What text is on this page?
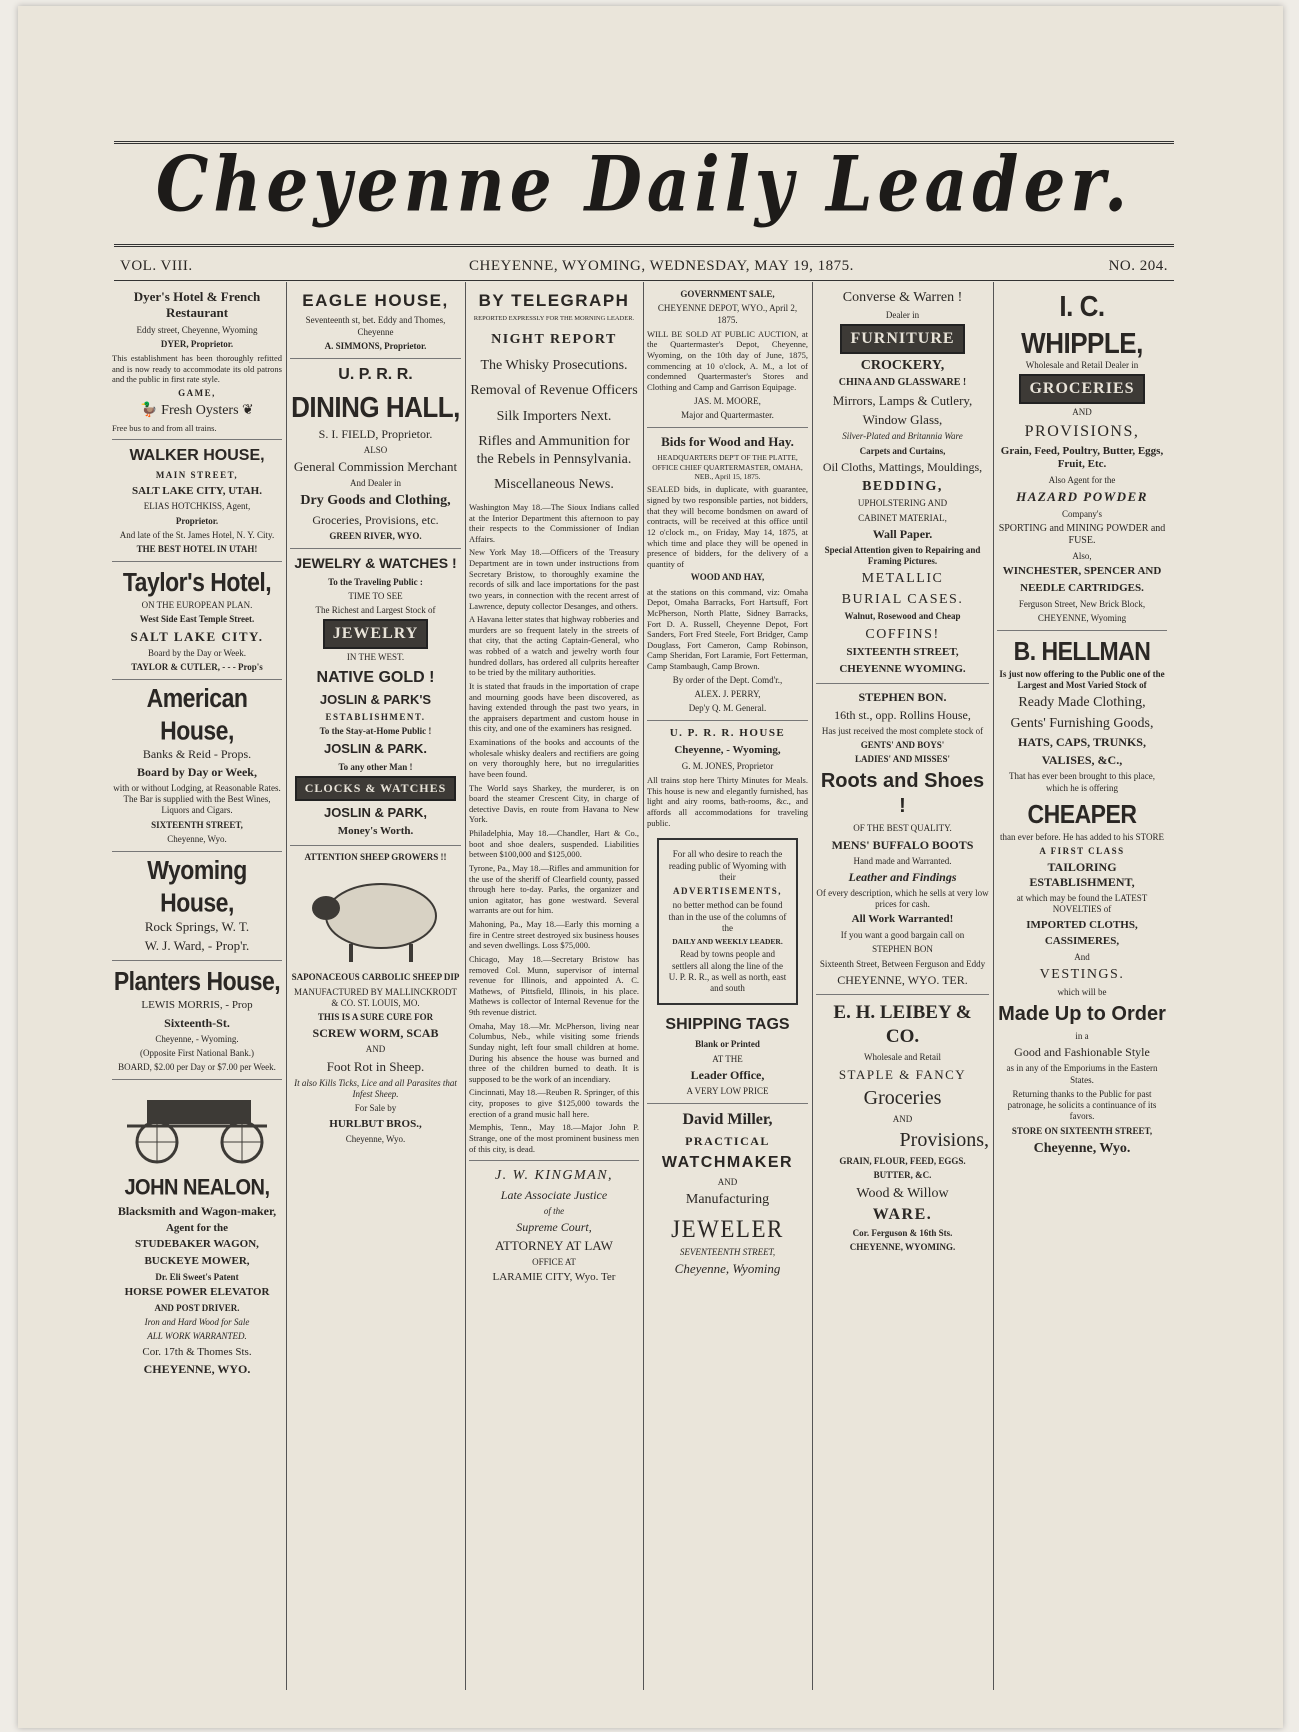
Cheyenne Daily Leader.
VOL. VIII.	CHEYENNE, WYOMING, WEDNESDAY, MAY 19, 1875.	NO. 204.
Dyer's Hotel & French Restaurant

Eddy street, Cheyenne, Wyoming

DYER, Proprietor.

This establishment has been thoroughly refitted and is now ready to accommodate its old patrons and the public in first rate style.

GAME,

🦆 Fresh Oysters ❦

Free bus to and from all trains.

WALKER HOUSE,

MAIN STREET,

SALT LAKE CITY, UTAH.

ELIAS HOTCHKISS, Agent,

Proprietor.

And late of the St. James Hotel, N. Y. City.

THE BEST HOTEL IN UTAH!

Taylor's Hotel,

ON THE EUROPEAN PLAN.

West Side East Temple Street.

SALT LAKE CITY.

Board by the Day or Week.

TAYLOR & CUTLER, - - - Prop's

American House,

Banks & Reid - Props.

Board by Day or Week,

with or without Lodging, at Reasonable Rates. The Bar is supplied with the Best Wines, Liquors and Cigars.

SIXTEENTH STREET,

Cheyenne, Wyo.

Wyoming House,

Rock Springs, W. T.

W. J. Ward, - Prop'r.

Planters House,

LEWIS MORRIS, - Prop

Sixteenth-St.

Cheyenne, - Wyoming.

(Opposite First National Bank.)

BOARD, $2.00 per Day or $7.00 per Week.

JOHN NEALON,

Blacksmith and Wagon-maker,

Agent for the

STUDEBAKER WAGON,

BUCKEYE MOWER,

Dr. Eli Sweet's Patent

HORSE POWER ELEVATOR

AND POST DRIVER.

Iron and Hard Wood for Sale

ALL WORK WARRANTED.

Cor. 17th & Thomes Sts.

CHEYENNE, WYO.

EAGLE HOUSE,

Seventeenth st, bet. Eddy and Thomes, Cheyenne

A. SIMMONS, Proprietor.

U. P. R. R.
DINING HALL,

S. I. FIELD, Proprietor.

ALSO

General Commission Merchant

And Dealer in

Dry Goods and Clothing,

Groceries, Provisions, etc.

GREEN RIVER, WYO.

JEWELRY & WATCHES !

To the Traveling Public :

TIME TO SEE

The Richest and Largest Stock of

JEWELRY

IN THE WEST.

NATIVE GOLD !
JOSLIN & PARK'S

ESTABLISHMENT.

To the Stay-at-Home Public !

JOSLIN & PARK.

To any other Man !

CLOCKS & WATCHES

JOSLIN & PARK,

Money's Worth.

ATTENTION SHEEP GROWERS !!

SAPONACEOUS CARBOLIC SHEEP DIP

MANUFACTURED BY MALLINCKRODT & CO. ST. LOUIS, MO.

THIS IS A SURE CURE FOR

SCREW WORM, SCAB

AND

Foot Rot in Sheep.

It also Kills Ticks, Lice and all Parasites that Infest Sheep.

For Sale by

HURLBUT BROS.,

Cheyenne, Wyo.

BY TELEGRAPH

REPORTED EXPRESSLY FOR THE MORNING LEADER.

NIGHT REPORT
The Whisky Prosecutions.
Removal of Revenue Officers
Silk Importers Next.
Rifles and Ammunition for the Rebels in Pennsylvania.
Miscellaneous News.

Washington May 18.—The Sioux Indians called at the Interior Department this afternoon to pay their respects to the Commissioner of Indian Affairs.

New York May 18.—Officers of the Treasury Department are in town under instructions from Secretary Bristow, to thoroughly examine the records of silk and lace importations for the past two years, in connection with the recent arrest of Lawrence, deputy collector Desanges, and others.

A Havana letter states that highway robberies and murders are so frequent lately in the streets of that city, that the acting Captain-General, who was robbed of a watch and jewelry worth four hundred dollars, has ordered all culprits hereafter to be tried by the military authorities.

It is stated that frauds in the importation of crape and mourning goods have been discovered, as having extended through the past two years, in the appraisers department and custom house in this city, and one of the examiners has resigned.

Examinations of the books and accounts of the wholesale whisky dealers and rectifiers are going on very thoroughly here, but no irregularities have been found.

The World says Sharkey, the murderer, is on board the steamer Crescent City, in charge of detective Davis, en route from Havana to New York.

Philadelphia, May 18.—Chandler, Hart & Co., boot and shoe dealers, suspended. Liabilities between $100,000 and $125,000.

Tyrone, Pa., May 18.—Rifles and ammunition for the use of the sheriff of Clearfield county, passed through here to-day. Parks, the organizer and union agitator, has gone westward. Several warrants are out for him.

Mahoning, Pa., May 18.—Early this morning a fire in Centre street destroyed six business houses and seven dwellings. Loss $75,000.

Chicago, May 18.—Secretary Bristow has removed Col. Munn, supervisor of internal revenue for Illinois, and appointed A. C. Mathews, of Pittsfield, Illinois, in his place. Mathews is collector of Internal Revenue for the 9th revenue district.

Omaha, May 18.—Mr. McPherson, living near Columbus, Neb., while visiting some friends Sunday night, left four small children at home. During his absence the house was burned and three of the children burned to death. It is supposed to be the work of an incendiary.

Cincinnati, May 18.—Reuben R. Springer, of this city, proposes to give $125,000 towards the erection of a grand music hall here.

Memphis, Tenn., May 18.—Major John P. Strange, one of the most prominent business men of this city, is dead.

J. W. KINGMAN,

Late Associate Justice

of the

Supreme Court,

ATTORNEY AT LAW

OFFICE AT

LARAMIE CITY, Wyo. Ter

GOVERNMENT SALE,

CHEYENNE DEPOT, WYO., April 2, 1875.

WILL BE SOLD AT PUBLIC AUCTION, at the Quartermaster's Depot, Cheyenne, Wyoming, on the 10th day of June, 1875, commencing at 10 o'clock, A. M., a lot of condemned Quartermaster's Stores and Clothing and Camp and Garrison Equipage.

JAS. M. MOORE,

Major and Quartermaster.

Bids for Wood and Hay.

HEADQUARTERS DEP'T OF THE PLATTE, OFFICE CHIEF QUARTERMASTER, OMAHA, NEB., April 15, 1875.

SEALED bids, in duplicate, with guarantee, signed by two responsible parties, not bidders, that they will become bondsmen on award of contracts, will be received at this office until 12 o'clock m., on Friday, May 14, 1875, at which time and place they will be opened in presence of bidders, for the delivery of a quantity of

WOOD AND HAY,

at the stations on this command, viz: Omaha Depot, Omaha Barracks, Fort Hartsuff, Fort McPherson, North Platte, Sidney Barracks, Fort D. A. Russell, Cheyenne Depot, Fort Sanders, Fort Fred Steele, Fort Bridger, Camp Douglass, Fort Cameron, Camp Robinson, Camp Sheridan, Fort Laramie, Fort Fetterman, Camp Stambaugh, Camp Brown.

By order of the Dept. Comd'r.,

ALEX. J. PERRY,

Dep'y Q. M. General.

U. P. R. R. HOUSE

Cheyenne, - Wyoming,

G. M. JONES, Proprietor

All trains stop here Thirty Minutes for Meals. This house is new and elegantly furnished, has light and airy rooms, bath-rooms, &c., and affords all accommodations for traveling public.

For all who desire to reach the reading public of Wyoming with their

ADVERTISEMENTS,

no better method can be found than in the use of the columns of the

DAILY AND WEEKLY LEADER.

Read by towns people and settlers all along the line of the U. P. R. R., as well as north, east and south

SHIPPING TAGS

Blank or Printed

AT THE

Leader Office,

A VERY LOW PRICE

David Miller,

PRACTICAL

WATCHMAKER

AND

Manufacturing

JEWELER

SEVENTEENTH STREET,

Cheyenne, Wyoming

Converse & Warren !

Dealer in

FURNITURE

CROCKERY,

CHINA AND GLASSWARE !

Mirrors, Lamps & Cutlery,

Window Glass,

Silver-Plated and Britannia Ware

Carpets and Curtains,

Oil Cloths, Mattings, Mouldings,

BEDDING,

UPHOLSTERING AND

CABINET MATERIAL,

Wall Paper.

Special Attention given to Repairing and Framing Pictures.

METALLIC

BURIAL CASES.

Walnut, Rosewood and Cheap

COFFINS!

SIXTEENTH STREET,

CHEYENNE WYOMING.

STEPHEN BON.

16th st., opp. Rollins House,

Has just received the most complete stock of

GENTS' AND BOYS'

LADIES' AND MISSES'

Roots and Shoes !

OF THE BEST QUALITY.

MENS' BUFFALO BOOTS

Hand made and Warranted.

Leather and Findings

Of every description, which he sells at very low prices for cash.

All Work Warranted!

If you want a good bargain call on

STEPHEN BON

Sixteenth Street, Between Ferguson and Eddy

CHEYENNE, WYO. TER.

E. H. LEIBEY & CO.

Wholesale and Retail

STAPLE & FANCY

Groceries

AND

Provisions,

GRAIN, FLOUR, FEED, EGGS.

BUTTER, &C.

Wood & Willow

WARE.

Cor. Ferguson & 16th Sts.

CHEYENNE, WYOMING.

I. C. WHIPPLE,

Wholesale and Retail Dealer in

GROCERIES

AND

PROVISIONS,

Grain, Feed, Poultry, Butter, Eggs, Fruit, Etc.

Also Agent for the

HAZARD POWDER

Company's

SPORTING and MINING POWDER and FUSE.

Also,

WINCHESTER, SPENCER AND

NEEDLE CARTRIDGES.

Ferguson Street, New Brick Block,

CHEYENNE, Wyoming

B. HELLMAN

Is just now offering to the Public one of the Largest and Most Varied Stock of

Ready Made Clothing,

Gents' Furnishing Goods,

HATS, CAPS, TRUNKS,

VALISES, &C.,

That has ever been brought to this place, which he is offering

CHEAPER

than ever before. He has added to his STORE

A FIRST CLASS

TAILORING ESTABLISHMENT,

at which may be found the LATEST NOVELTIES of

IMPORTED CLOTHS,

CASSIMERES,

And

VESTINGS.

which will be

Made Up to Order

in a

Good and Fashionable Style

as in any of the Emporiums in the Eastern States.

Returning thanks to the Public for past patronage, he solicits a continuance of its favors.

STORE ON SIXTEENTH STREET,

Cheyenne, Wyo.
